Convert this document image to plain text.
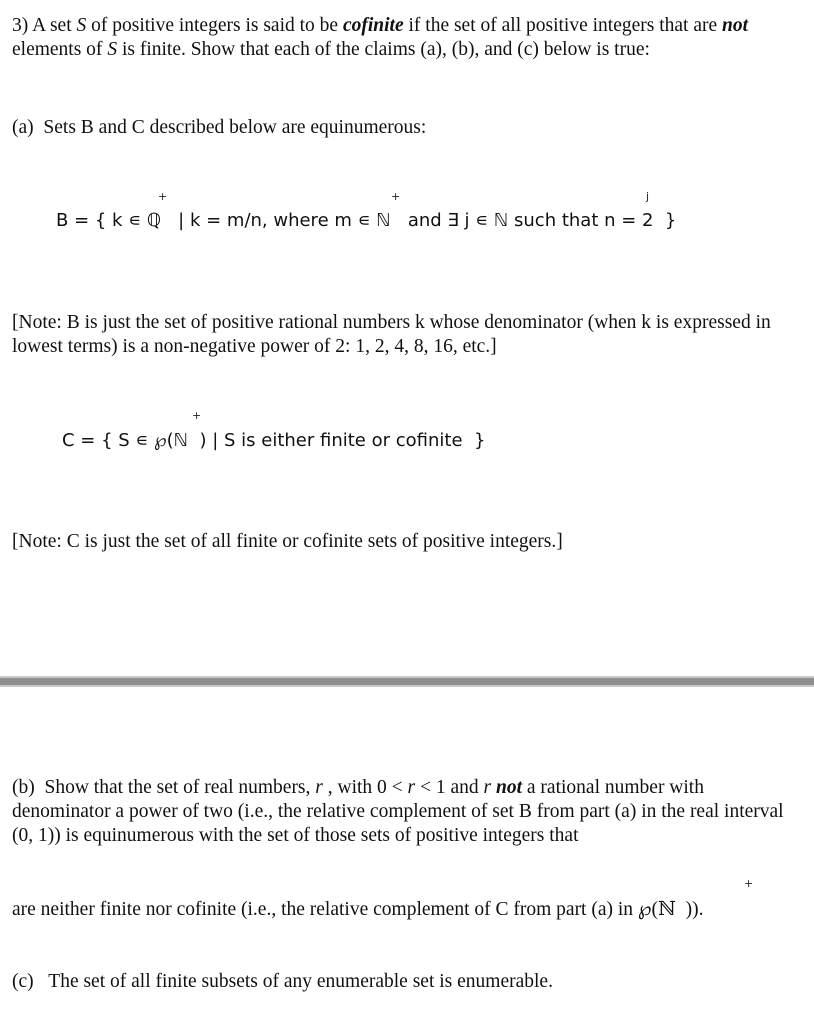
3) A set S of positive integers is said to be cofinite if the set of all positive integers that are not elements of S is finite. Show that each of the claims (a), (b), and (c) below is true:
(a) Sets B and C described below are equinumerous:
+	+	j
B = { k ∊ ℚ   | k = m/n, where m ∊ ℕ   and ∃ j ∊ ℕ such that n = 2  }
[Note: B is just the set of positive rational numbers k whose denominator (when k is expressed in lowest terms) is a non-negative power of 2: 1, 2, 4, 8, 16, etc.]
+
C = { S ∊ ℘(ℕ  ) | S is either finite or cofinite  }
[Note: C is just the set of all finite or cofinite sets of positive integers.]
(b) Show that the set of real numbers, r , with 0 < r < 1 and r not a rational number with denominator a power of two (i.e., the relative complement of set B from part (a) in the real interval (0, 1)) is equinumerous with the set of those sets of positive integers that
+
are neither finite nor cofinite (i.e., the relative complement of C from part (a) in ℘(ℕ  )).
(c) The set of all finite subsets of any enumerable set is enumerable.
